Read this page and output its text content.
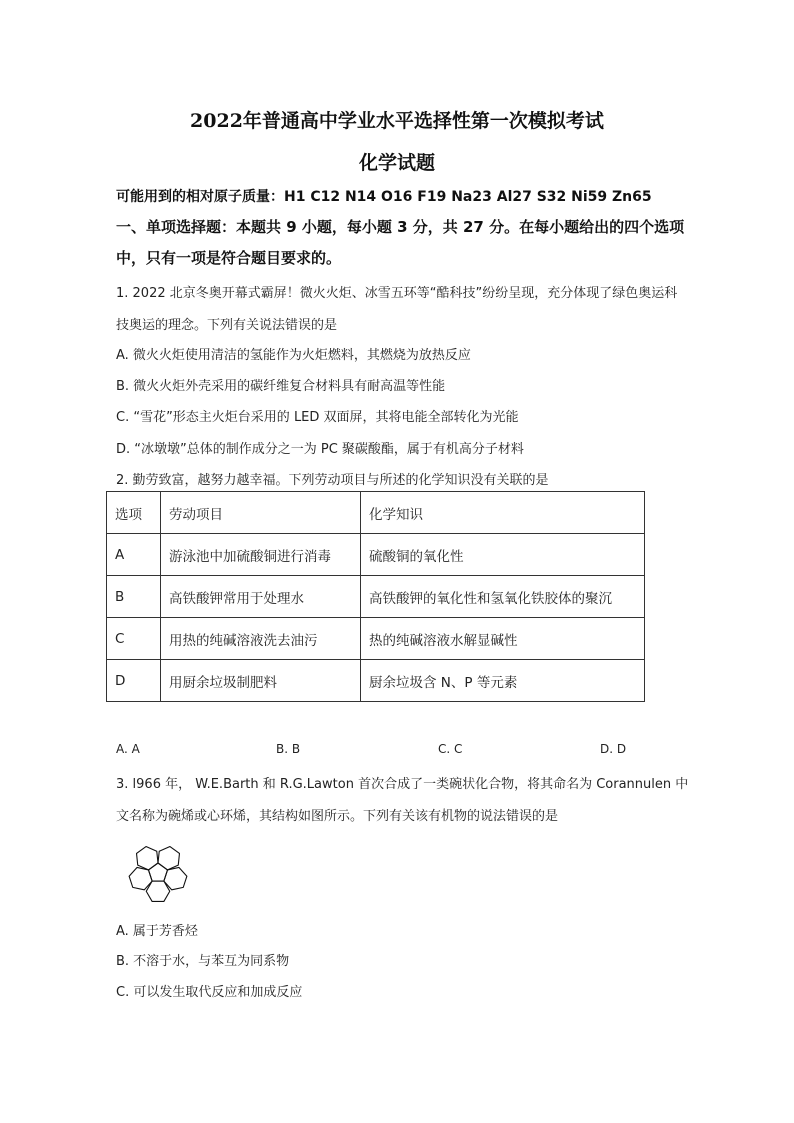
2022年普通高中学业水平选择性第一次模拟考试
化学试题
可能用到的相对原子质量：H1 C12 N14 O16 F19 Na23 Al27 S32 Ni59 Zn65
一、单项选择题：本题共 9 小题，每小题 3 分，共 27 分。在每小题给出的四个选项
中，只有一项是符合题目要求的。
1. 2022 北京冬奥开幕式霸屏！微火火炬、冰雪五环等“酷科技”纷纷呈现，充分体现了绿色奥运科
技奥运的理念。下列有关说法错误的是
A. 微火火炬使用清洁的氢能作为火炬燃料，其燃烧为放热反应
B. 微火火炬外壳采用的碳纤维复合材料具有耐高温等性能
C. “雪花”形态主火炬台采用的 LED 双面屏，其将电能全部转化为光能
D. “冰墩墩”总体的制作成分之一为 PC 聚碳酸酯，属于有机高分子材料
2. 勤劳致富，越努力越幸福。下列劳动项目与所述的化学知识没有关联的是
选项	劳动项目	化学知识
A	游泳池中加硫酸铜进行消毒	硫酸铜的氧化性
B	高铁酸钾常用于处理水	高铁酸钾的氧化性和氢氧化铁胶体的聚沉
C	用热的纯碱溶液洗去油污	热的纯碱溶液水解显碱性
D	用厨余垃圾制肥料	厨余垃圾含 N、P 等元素
A. A	B. B	C. C	D. D
3. l966 年， W.E.Barth 和 R.G.Lawton 首次合成了一类碗状化合物，将其命名为 Corannulen 中
文名称为碗烯或心环烯，其结构如图所示。下列有关该有机物的说法错误的是
A. 属于芳香烃
B. 不溶于水，与苯互为同系物
C. 可以发生取代反应和加成反应
